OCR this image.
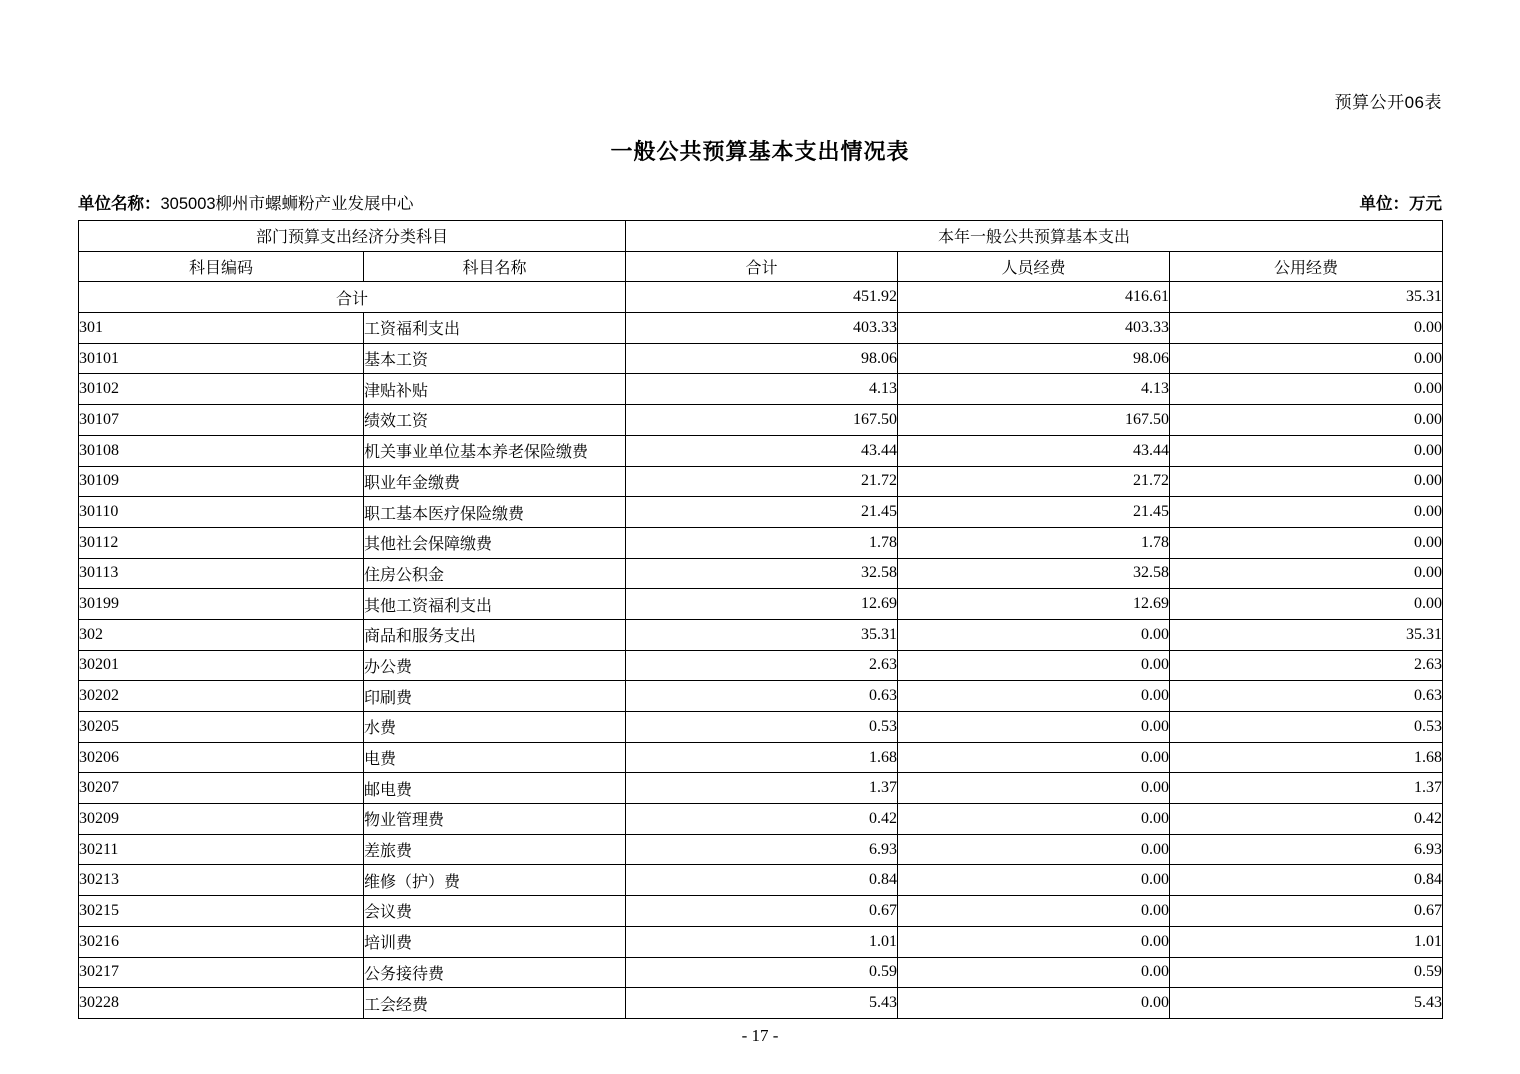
预算公开06表
一般公共预算基本支出情况表
单位名称：305003柳州市螺蛳粉产业发展中心	单位：万元
部门预算支出经济分类科目		本年一般公共预算基本支出		
科目编码	科目名称	合计	人员经费	公用经费
合计		451.92	416.61	35.31
301	工资福利支出	403.33	403.33	0.00
30101	基本工资	98.06	98.06	0.00
30102	津贴补贴	4.13	4.13	0.00
30107	绩效工资	167.50	167.50	0.00
30108	机关事业单位基本养老保险缴费	43.44	43.44	0.00
30109	职业年金缴费	21.72	21.72	0.00
30110	职工基本医疗保险缴费	21.45	21.45	0.00
30112	其他社会保障缴费	1.78	1.78	0.00
30113	住房公积金	32.58	32.58	0.00
30199	其他工资福利支出	12.69	12.69	0.00
302	商品和服务支出	35.31	0.00	35.31
30201	办公费	2.63	0.00	2.63
30202	印刷费	0.63	0.00	0.63
30205	水费	0.53	0.00	0.53
30206	电费	1.68	0.00	1.68
30207	邮电费	1.37	0.00	1.37
30209	物业管理费	0.42	0.00	0.42
30211	差旅费	6.93	0.00	6.93
30213	维修（护）费	0.84	0.00	0.84
30215	会议费	0.67	0.00	0.67
30216	培训费	1.01	0.00	1.01
30217	公务接待费	0.59	0.00	0.59
30228	工会经费	5.43	0.00	5.43
- 17 -
